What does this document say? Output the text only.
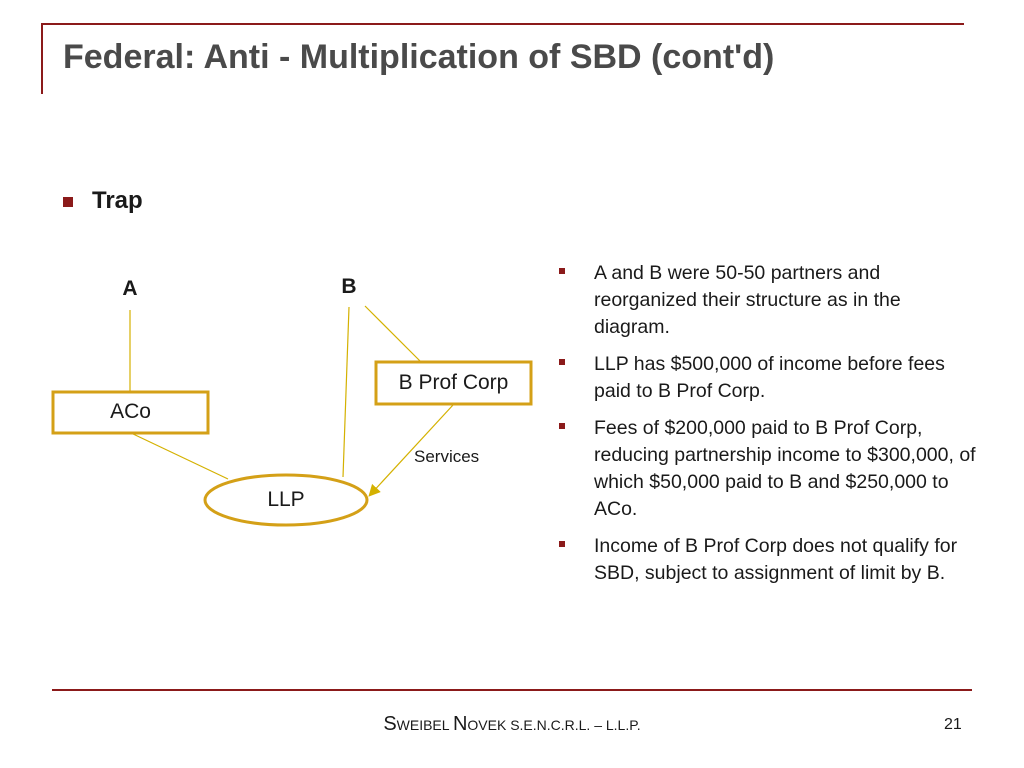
Federal: Anti - Multiplication of SBD (cont'd)
Trap
A	B
ACo
B Prof Corp
LLP
Services
A and B were 50-50 partners and reorganized their structure as in the diagram.
LLP has $500,000 of income before fees paid to B Prof Corp.
Fees of $200,000 paid to B Prof Corp, reducing partnership income to $300,000, of which $50,000 paid to B and $250,000 to ACo.
Income of B Prof Corp does not qualify for SBD, subject to assignment of limit by B.
SWEIBEL NOVEK S.E.N.C.R.L. – L.L.P.	21
